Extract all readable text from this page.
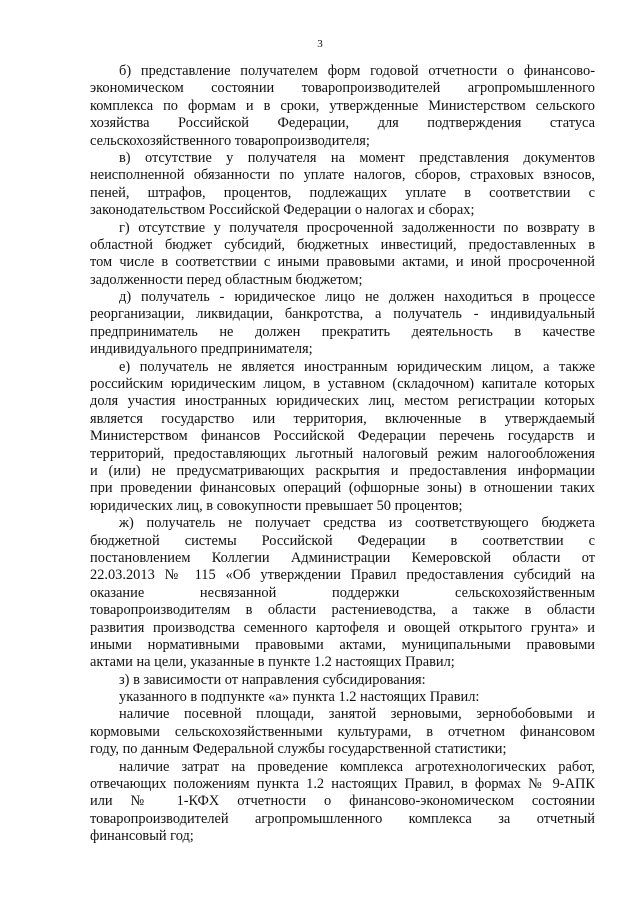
3
б) представление получателем форм годовой отчетности о финансово-
экономическом состоянии товаропроизводителей агропромышленного
комплекса по формам и в сроки, утвержденные Министерством сельского
хозяйства Российской Федерации, для подтверждения статуса
сельскохозяйственного товаропроизводителя;
в) отсутствие у получателя на момент представления документов
неисполненной обязанности по уплате налогов, сборов, страховых взносов,
пеней, штрафов, процентов, подлежащих уплате в соответствии с
законодательством Российской Федерации о налогах и сборах;
г) отсутствие у получателя просроченной задолженности по возврату в
областной бюджет субсидий, бюджетных инвестиций, предоставленных в
том числе в соответствии с иными правовыми актами, и иной просроченной
задолженности перед областным бюджетом;
д) получатель - юридическое лицо не должен находиться в процессе
реорганизации, ликвидации, банкротства, а получатель - индивидуальный
предприниматель не должен прекратить деятельность в качестве
индивидуального предпринимателя;
е) получатель не является иностранным юридическим лицом, а также
российским юридическим лицом, в уставном (складочном) капитале которых
доля участия иностранных юридических лиц, местом регистрации которых
является государство или территория, включенные в утверждаемый
Министерством финансов Российской Федерации перечень государств и
территорий, предоставляющих льготный налоговый режим налогообложения
и (или) не предусматривающих раскрытия и предоставления информации
при проведении финансовых операций (офшорные зоны) в отношении таких
юридических лиц, в совокупности превышает 50 процентов;
ж) получатель не получает средства из соответствующего бюджета
бюджетной системы Российской Федерации в соответствии с
постановлением Коллегии Администрации Кемеровской области от
22.03.2013 № 115 «Об утверждении Правил предоставления субсидий на
оказание несвязанной поддержки сельскохозяйственным
товаропроизводителям в области растениеводства, а также в области
развития производства семенного картофеля и овощей открытого грунта» и
иными нормативными правовыми актами, муниципальными правовыми
актами на цели, указанные в пункте 1.2 настоящих Правил;
з) в зависимости от направления субсидирования:
указанного в подпункте «а» пункта 1.2 настоящих Правил:
наличие посевной площади, занятой зерновыми, зернобобовыми и
кормовыми сельскохозяйственными культурами, в отчетном финансовом
году, по данным Федеральной службы государственной статистики;
наличие затрат на проведение комплекса агротехнологических работ,
отвечающих положениям пункта 1.2 настоящих Правил, в формах № 9-АПК
или № 1-КФХ отчетности о финансово-экономическом состоянии
товаропроизводителей агропромышленного комплекса за отчетный
финансовый год;
